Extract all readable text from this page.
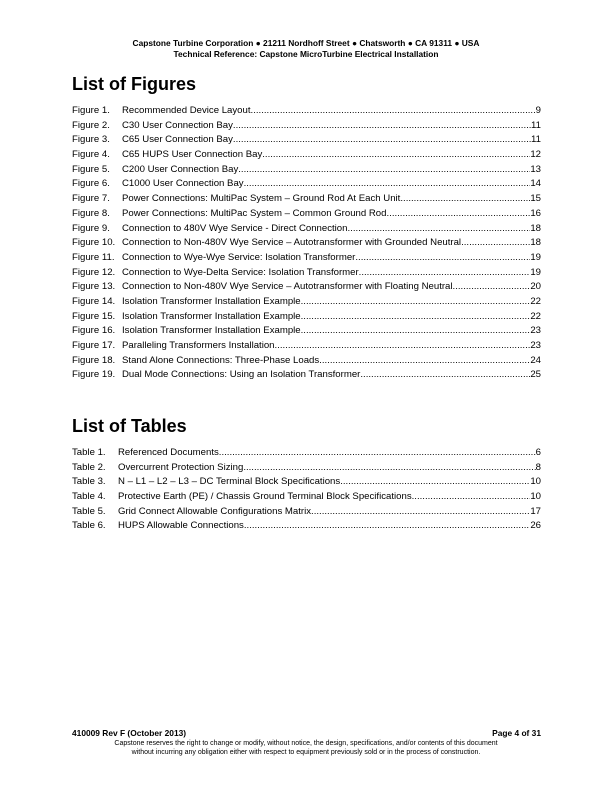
Capstone Turbine Corporation ● 21211 Nordhoff Street ● Chatsworth ● CA 91311 ● USA
Technical Reference: Capstone MicroTurbine Electrical Installation
List of Figures
Figure 1.	Recommended Device Layout .....	9
Figure 2.	C30 User Connection Bay .....	11
Figure 3.	C65 User Connection Bay .....	11
Figure 4.	C65 HUPS User Connection Bay .....	12
Figure 5.	C200 User Connection Bay .....	13
Figure 6.	C1000 User Connection Bay .....	14
Figure 7.	Power Connections: MultiPac System – Ground Rod At Each Unit .....	15
Figure 8.	Power Connections: MultiPac System – Common Ground Rod .....	16
Figure 9.	Connection to 480V Wye Service - Direct Connection .....	18
Figure 10. Connection to Non-480V Wye Service – Autotransformer with Grounded Neutral .....	18
Figure 11. Connection to Wye-Wye Service: Isolation Transformer .....	19
Figure 12. Connection to Wye-Delta Service: Isolation Transformer .....	19
Figure 13. Connection to Non-480V Wye Service – Autotransformer with Floating Neutral .....	20
Figure 14. Isolation Transformer Installation Example .....	22
Figure 15. Isolation Transformer Installation Example .....	22
Figure 16. Isolation Transformer Installation Example .....	23
Figure 17. Paralleling Transformers Installation .....	23
Figure 18. Stand Alone Connections: Three-Phase Loads .....	24
Figure 19. Dual Mode Connections: Using an Isolation Transformer .....	25
List of Tables
Table 1.	Referenced Documents .....	6
Table 2.	Overcurrent Protection Sizing .....	8
Table 3.	N – L1 – L2 – L3 – DC Terminal Block Specifications .....	10
Table 4.	Protective Earth (PE) / Chassis Ground Terminal Block Specifications .....	10
Table 5.	Grid Connect Allowable Configurations Matrix .....	17
Table 6.	HUPS Allowable Connections .....	26
410009 Rev F (October 2013)	Page 4 of 31
Capstone reserves the right to change or modify, without notice, the design, specifications, and/or contents of this document
without incurring any obligation either with respect to equipment previously sold or in the process of construction.
